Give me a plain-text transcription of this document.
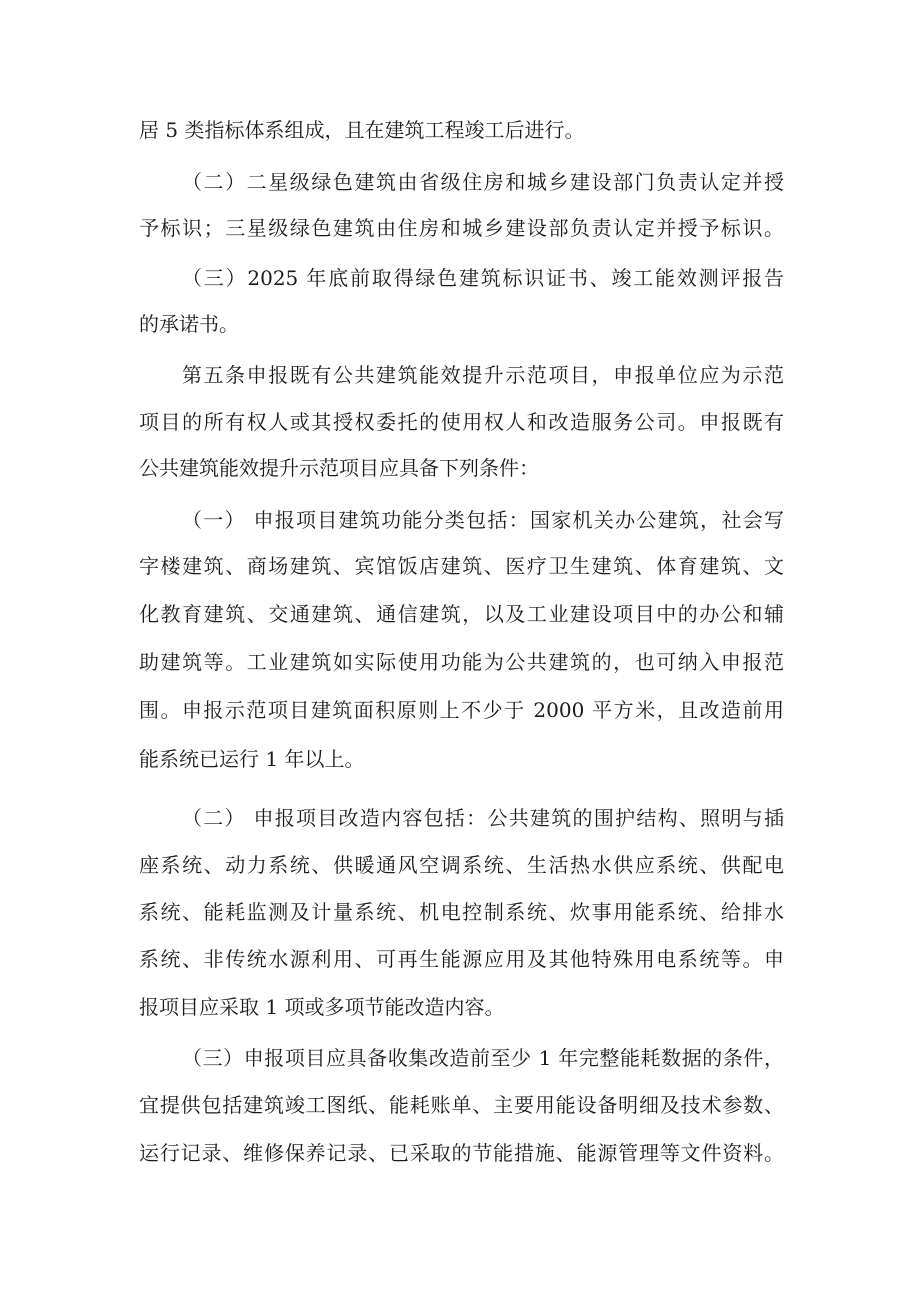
居 5 类指标体系组成，且在建筑工程竣工后进行。
（二）二星级绿色建筑由省级住房和城乡建设部门负责认定并授
予标识；三星级绿色建筑由住房和城乡建设部负责认定并授予标识。
（三）2025 年底前取得绿色建筑标识证书、竣工能效测评报告
的承诺书。
第五条申报既有公共建筑能效提升示范项目，申报单位应为示范
项目的所有权人或其授权委托的使用权人和改造服务公司。申报既有
公共建筑能效提升示范项目应具备下列条件：
（一） 申报项目建筑功能分类包括：国家机关办公建筑，社会写
字楼建筑、商场建筑、宾馆饭店建筑、医疗卫生建筑、体育建筑、文
化教育建筑、交通建筑、通信建筑，以及工业建设项目中的办公和辅
助建筑等。工业建筑如实际使用功能为公共建筑的，也可纳入申报范
围。申报示范项目建筑面积原则上不少于 2000 平方米，且改造前用
能系统已运行 1 年以上。
（二） 申报项目改造内容包括：公共建筑的围护结构、照明与插
座系统、动力系统、供暖通风空调系统、生活热水供应系统、供配电
系统、能耗监测及计量系统、机电控制系统、炊事用能系统、给排水
系统、非传统水源利用、可再生能源应用及其他特殊用电系统等。申
报项目应采取 1 项或多项节能改造内容。
（三）申报项目应具备收集改造前至少 1 年完整能耗数据的条件，
宜提供包括建筑竣工图纸、能耗账单、主要用能设备明细及技术参数、
运行记录、维修保养记录、已采取的节能措施、能源管理等文件资料。
